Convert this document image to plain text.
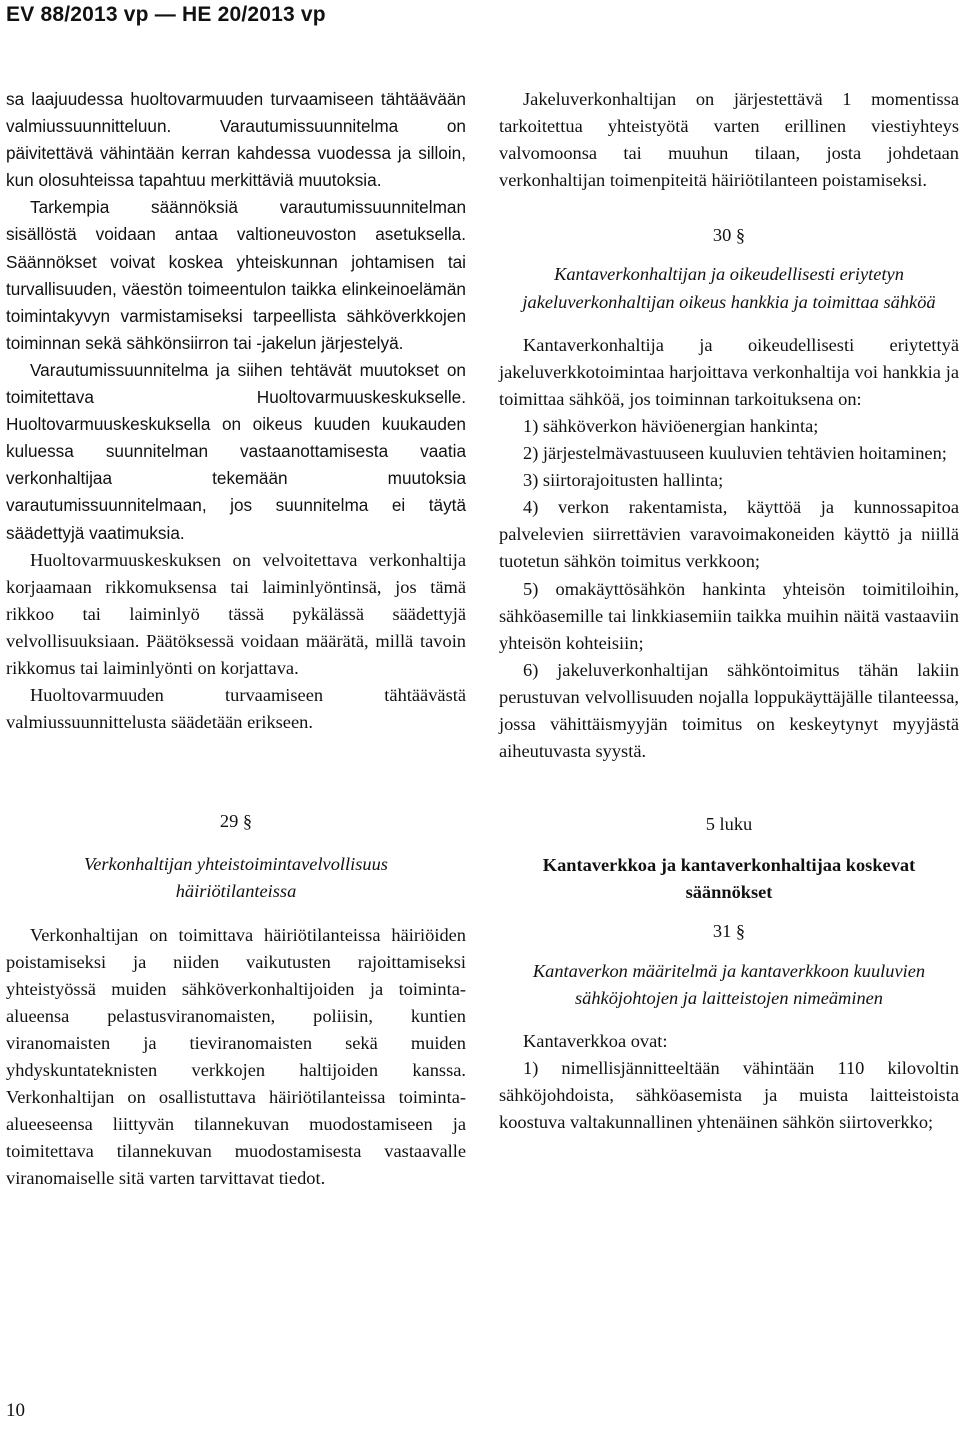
EV 88/2013 vp — HE 20/2013 vp

sa laajuudessa huoltovarmuuden turvaamiseen tähtäävään valmiussuunnitteluun. Varautumissuunnitelma on päivitettävä vähintään kerran kahdessa vuodessa ja silloin, kun olosuhteissa tapahtuu merkittäviä muutoksia.

Tarkempia säännöksiä varautumissuunnitelman sisällöstä voidaan antaa valtioneuvoston asetuksella. Säännökset voivat koskea yhteiskunnan johtamisen tai turvallisuuden, väestön toimeentulon taikka elinkeinoelämän toimintakyvyn varmistamiseksi tarpeellista sähköverkkojen toiminnan sekä sähkönsiirron tai -jakelun järjestelyä.

Varautumissuunnitelma ja siihen tehtävät muutokset on toimitettava Huoltovarmuuskeskukselle. Huoltovarmuuskeskuksella on oikeus kuuden kuukauden kuluessa suunnitelman vastaanottamisesta vaatia verkonhaltijaa tekemään muutoksia varautumissuunnitelmaan, jos suunnitelma ei täytä säädettyjä vaatimuksia.

Huoltovarmuuskeskuksen on velvoitettava verkonhaltija korjaamaan rikkomuksensa tai laiminlyöntinsä, jos tämä rikkoo tai laiminlyö tässä pykälässä säädettyjä velvollisuuksiaan. Päätöksessä voidaan määrätä, millä tavoin rikkomus tai laiminlyönti on korjattava.

Huoltovarmuuden turvaamiseen tähtäävästä valmiussuunnittelusta säädetään erikseen.

29 §

Verkonhaltijan yhteistoimintavelvollisuus häiriötilanteissa

Verkonhaltijan on toimittava häiriötilanteissa häiriöiden poistamiseksi ja niiden vaikutusten rajoittamiseksi yhteistyössä muiden sähköverkonhaltijoiden ja toiminta-alueensa pelastusviranomaisten, poliisin, kuntien viranomaisten ja tieviranomaisten sekä muiden yhdyskuntateknisten verkkojen haltijoiden kanssa. Verkonhaltijan on osallistuttava häiriötilanteissa toiminta-alueeseensa liittyvän tilannekuvan muodostamiseen ja toimitettava tilannekuvan muodostamisesta vastaavalle viranomaiselle sitä varten tarvittavat tiedot.

Jakeluverkonhaltijan on järjestettävä 1 momentissa tarkoitettua yhteistyötä varten erillinen viestiyhteys valvomoonsa tai muuhun tilaan, josta johdetaan verkonhaltijan toimenpiteitä häiriötilanteen poistamiseksi.

30 §

Kantaverkonhaltijan ja oikeudellisesti eriytetyn jakeluverkonhaltijan oikeus hankkia ja toimittaa sähköä

Kantaverkonhaltija ja oikeudellisesti eriytettyä jakeluverkkotoimintaa harjoittava verkonhaltija voi hankkia ja toimittaa sähköä, jos toiminnan tarkoituksena on:

1) sähköverkon häviöenergian hankinta;

2) järjestelmävastuuseen kuuluvien tehtävien hoitaminen;

3) siirtorajoitusten hallinta;

4) verkon rakentamista, käyttöä ja kunnossapitoa palvelevien siirrettävien varavoimakoneiden käyttö ja niillä tuotetun sähkön toimitus verkkoon;

5) omakäyttösähkön hankinta yhteisön toimitiloihin, sähköasemille tai linkkiasemiin taikka muihin näitä vastaaviin yhteisön kohteisiin;

6) jakeluverkonhaltijan sähköntoimitus tähän lakiin perustuvan velvollisuuden nojalla loppukäyttäjälle tilanteessa, jossa vähittäismyyjän toimitus on keskeytynyt myyjästä aiheutuvasta syystä.

5 luku

Kantaverkkoa ja kantaverkonhaltijaa koskevat säännökset

31 §

Kantaverkon määritelmä ja kantaverkkoon kuuluvien sähköjohtojen ja laitteistojen nimeäminen

Kantaverkkoa ovat:

1) nimellisjännitteeltään vähintään 110 kilovoltin sähköjohdoista, sähköasemista ja muista laitteistoista koostuva valtakunnallinen yhtenäinen sähkön siirtoverkko;

10
